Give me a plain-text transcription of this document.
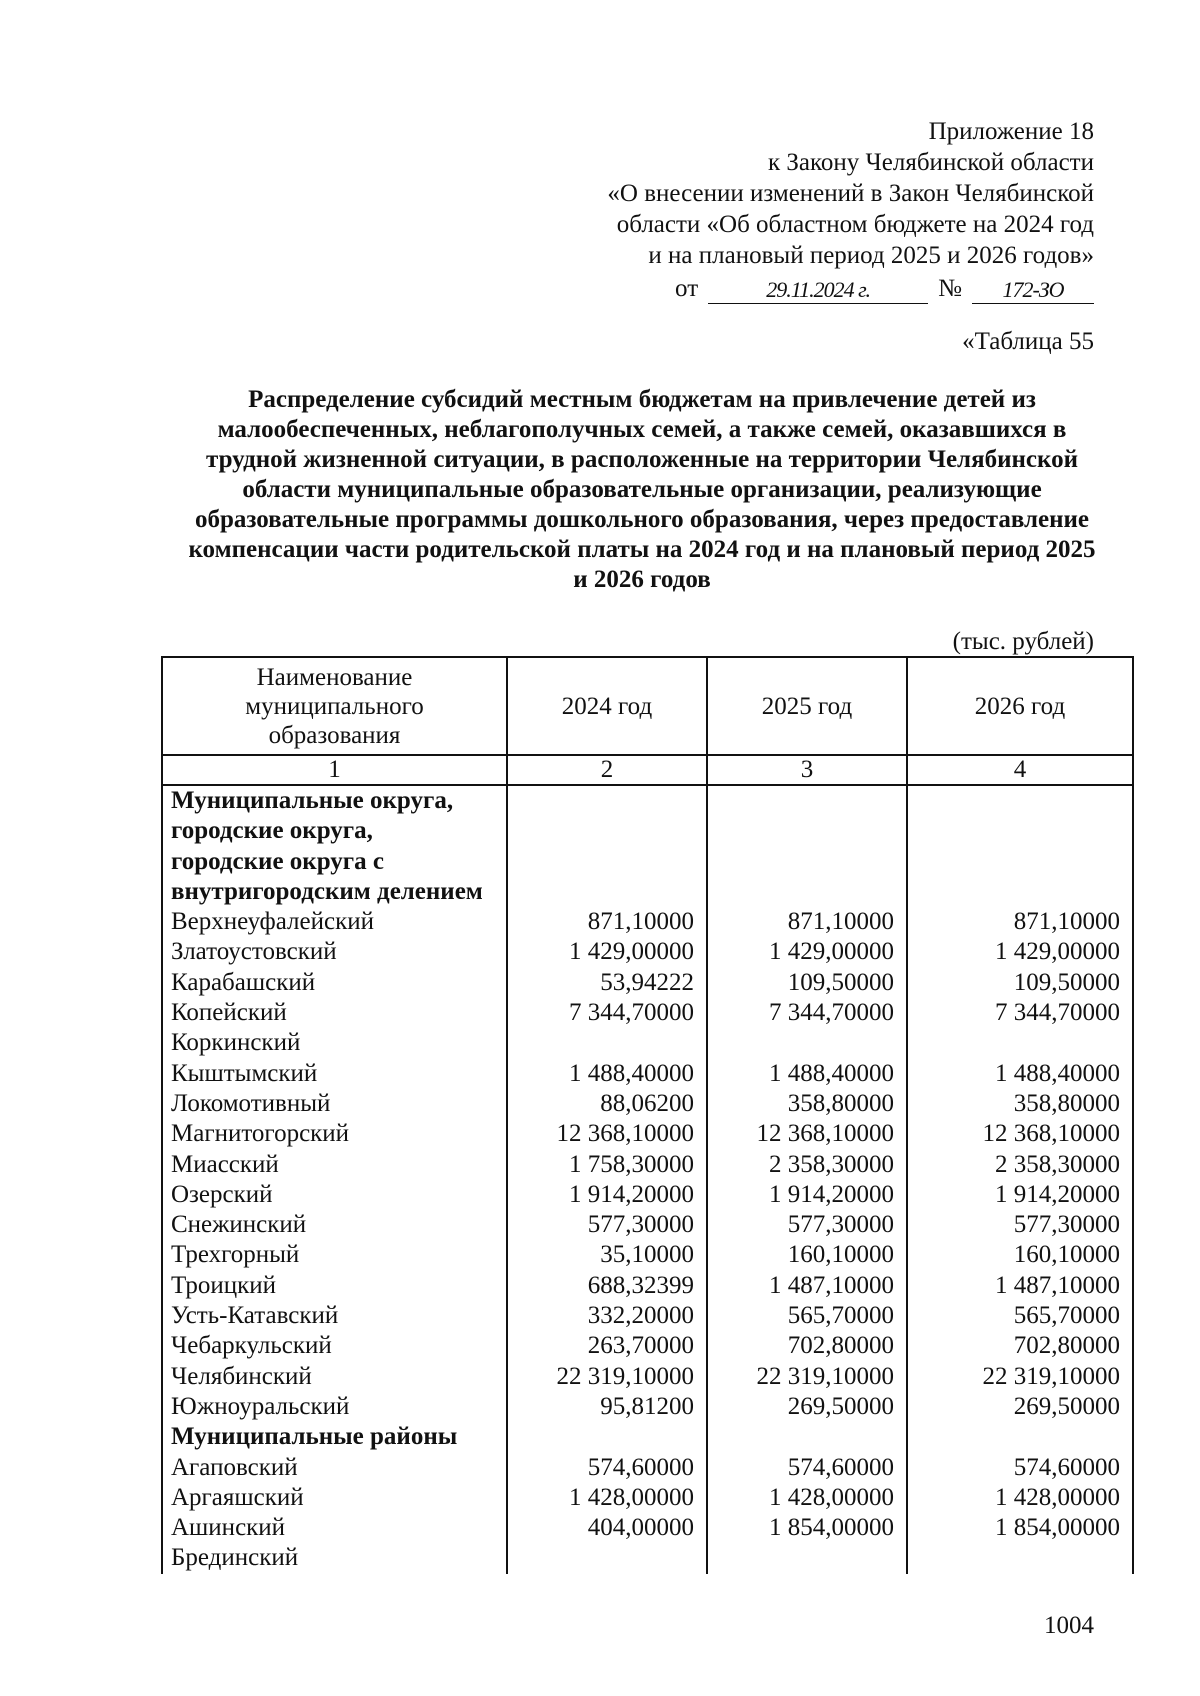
Приложение 18
к Закону Челябинской области
«О внесении изменений в Закон Челябинской
области «Об областном бюджете на 2024 год
и на плановый период 2025 и 2026 годов»
от	29.11.2024 г.	№	172-ЗО
«Таблица 55
Распределение субсидий местным бюджетам на привлечение детей из
малообеспеченных, неблагополучных семей, а также семей, оказавшихся в
трудной жизненной ситуации, в расположенные на территории Челябинской
области муниципальные образовательные организации, реализующие
образовательные программы дошкольного образования, через предоставление
компенсации части родительской платы на 2024 год и на плановый период 2025
и 2026 годов
(тыс. рублей)
Наименование
муниципального
образования	2024 год	2025 год	2026 год
1	2	3	4
Муниципальные округа,			
городские округа,			
городские округа с			
внутригородским делением			
Верхнеуфалейский	871,10000	871,10000	871,10000
Златоустовский	1 429,00000	1 429,00000	1 429,00000
Карабашский	53,94222	109,50000	109,50000
Копейский	7 344,70000	7 344,70000	7 344,70000
Коркинский			
Кыштымский	1 488,40000	1 488,40000	1 488,40000
Локомотивный	88,06200	358,80000	358,80000
Магнитогорский	12 368,10000	12 368,10000	12 368,10000
Миасский	1 758,30000	2 358,30000	2 358,30000
Озерский	1 914,20000	1 914,20000	1 914,20000
Снежинский	577,30000	577,30000	577,30000
Трехгорный	35,10000	160,10000	160,10000
Троицкий	688,32399	1 487,10000	1 487,10000
Усть-Катавский	332,20000	565,70000	565,70000
Чебаркульский	263,70000	702,80000	702,80000
Челябинский	22 319,10000	22 319,10000	22 319,10000
Южноуральский	95,81200	269,50000	269,50000
Муниципальные районы			
Агаповский	574,60000	574,60000	574,60000
Аргаяшский	1 428,00000	1 428,00000	1 428,00000
Ашинский	404,00000	1 854,00000	1 854,00000
Брединский			
1004
